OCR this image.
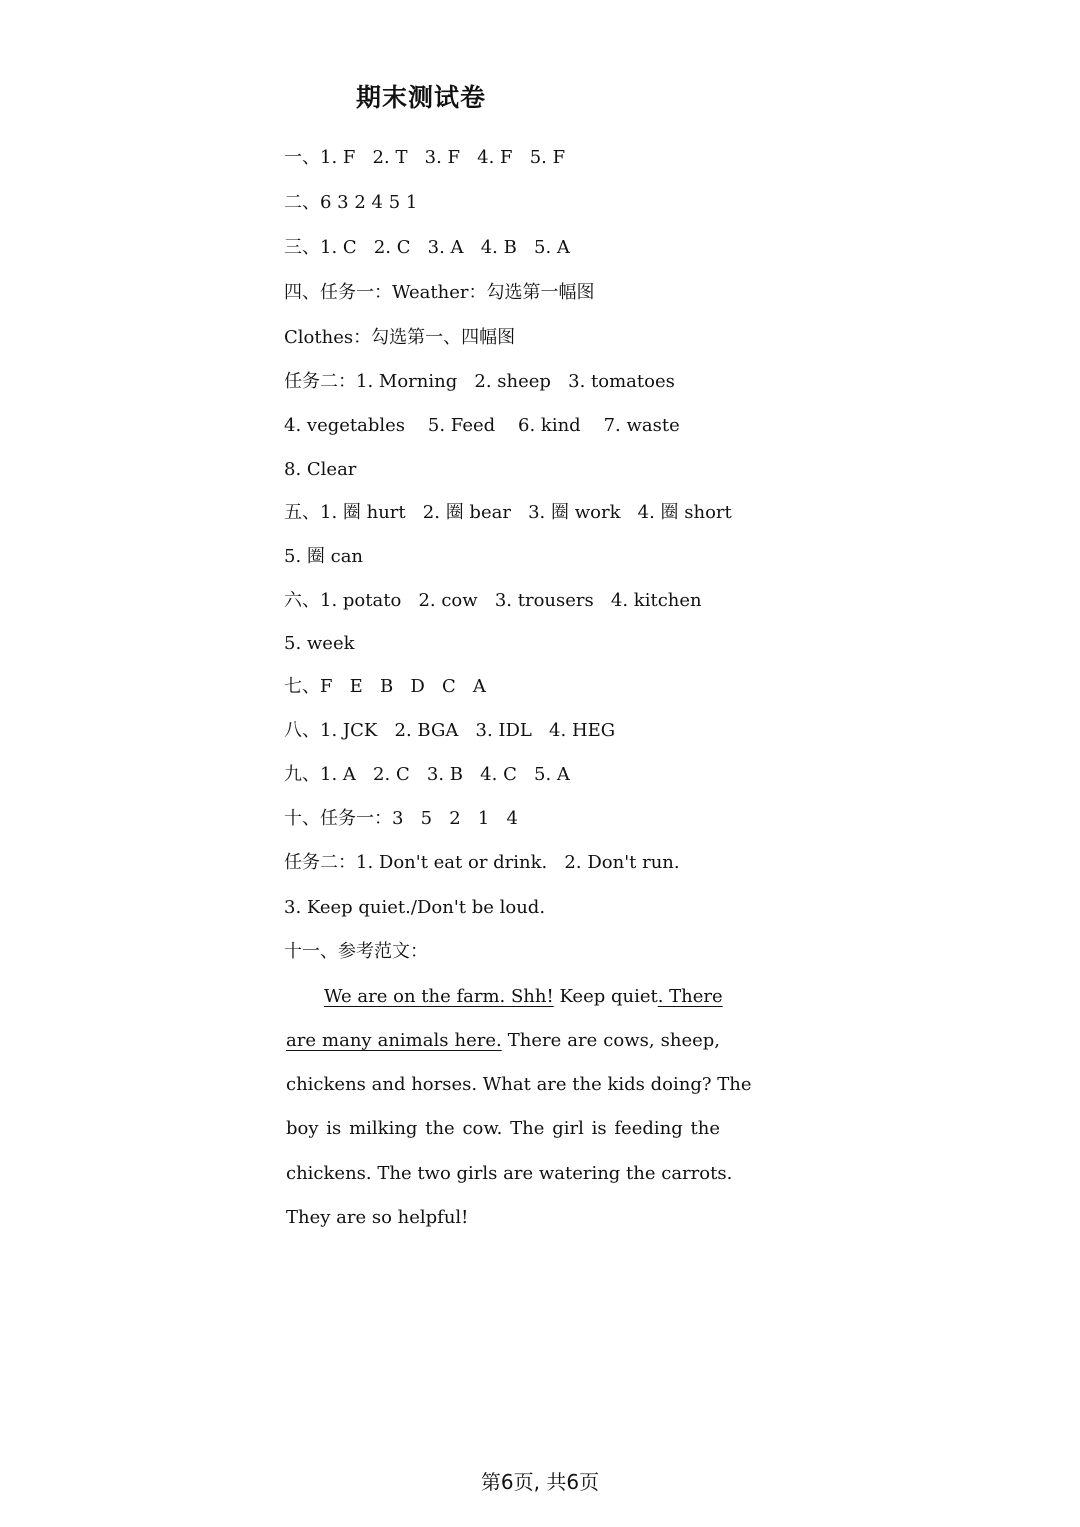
期末测试卷
一、1. F   2. T   3. F   4. F   5. F
二、6 3 2 4 5 1
三、1. C   2. C   3. A   4. B   5. A
四、任务一：Weather：勾选第一幅图
Clothes：勾选第一、四幅图
任务二：1. Morning   2. sheep   3. tomatoes
4. vegetables    5. Feed    6. kind    7. waste
8. Clear
五、1. 圈 hurt   2. 圈 bear   3. 圈 work   4. 圈 short
5. 圈 can
六、1. potato   2. cow   3. trousers   4. kitchen
5. week
七、F   E   B   D   C   A
八、1. JCK   2. BGA   3. IDL   4. HEG
九、1. A   2. C   3. B   4. C   5. A
十、任务一：3   5   2   1   4
任务二：1. Don't eat or drink.   2. Don't run.
3. Keep quiet./Don't be loud.
十一、参考范文：
We are on the farm. Shh! Keep quiet. There
are many animals here. There are cows, sheep,
chickens and horses. What are the kids doing? The
boy is milking the cow. The girl is feeding the
chickens. The two girls are watering the carrots.
They are so helpful!
第6页, 共6页
